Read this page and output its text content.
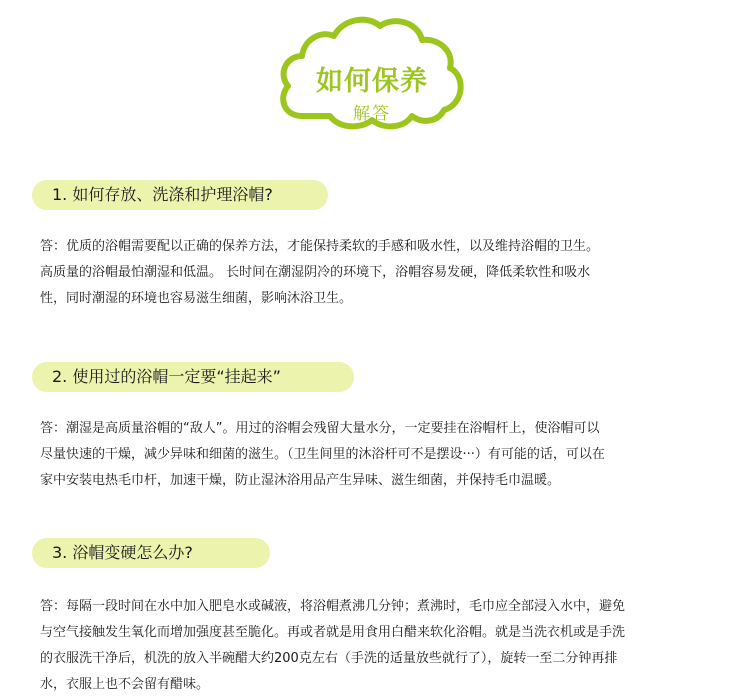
如何保养
解答
1. 如何存放、洗涤和护理浴帽?

答：优质的浴帽需要配以正确的保养方法，才能保持柔软的手感和吸水性，以及维持浴帽的卫生。

高质量的浴帽最怕潮湿和低温。 长时间在潮湿阴冷的环境下，浴帽容易发硬，降低柔软性和吸水

性，同时潮湿的环境也容易滋生细菌，影响沐浴卫生。

2. 使用过的浴帽一定要“挂起来”

答：潮湿是高质量浴帽的“敌人”。用过的浴帽会残留大量水分，一定要挂在浴帽杆上，使浴帽可以

尽量快速的干燥，减少异味和细菌的滋生。（卫生间里的沐浴杆可不是摆设···）有可能的话，可以在

家中安装电热毛巾杆，加速干燥，防止湿沐浴用品产生异味、滋生细菌，并保持毛巾温暖。

3. 浴帽变硬怎么办?

答：每隔一段时间在水中加入肥皂水或碱液，将浴帽煮沸几分钟；煮沸时，毛巾应全部浸入水中，避免

与空气接触发生氧化而增加强度甚至脆化。再或者就是用食用白醋来软化浴帽。就是当洗衣机或是手洗

的衣服洗干净后，机洗的放入半碗醋大约200克左右（手洗的适量放些就行了），旋转一至二分钟再排

水，衣服上也不会留有醋味。
